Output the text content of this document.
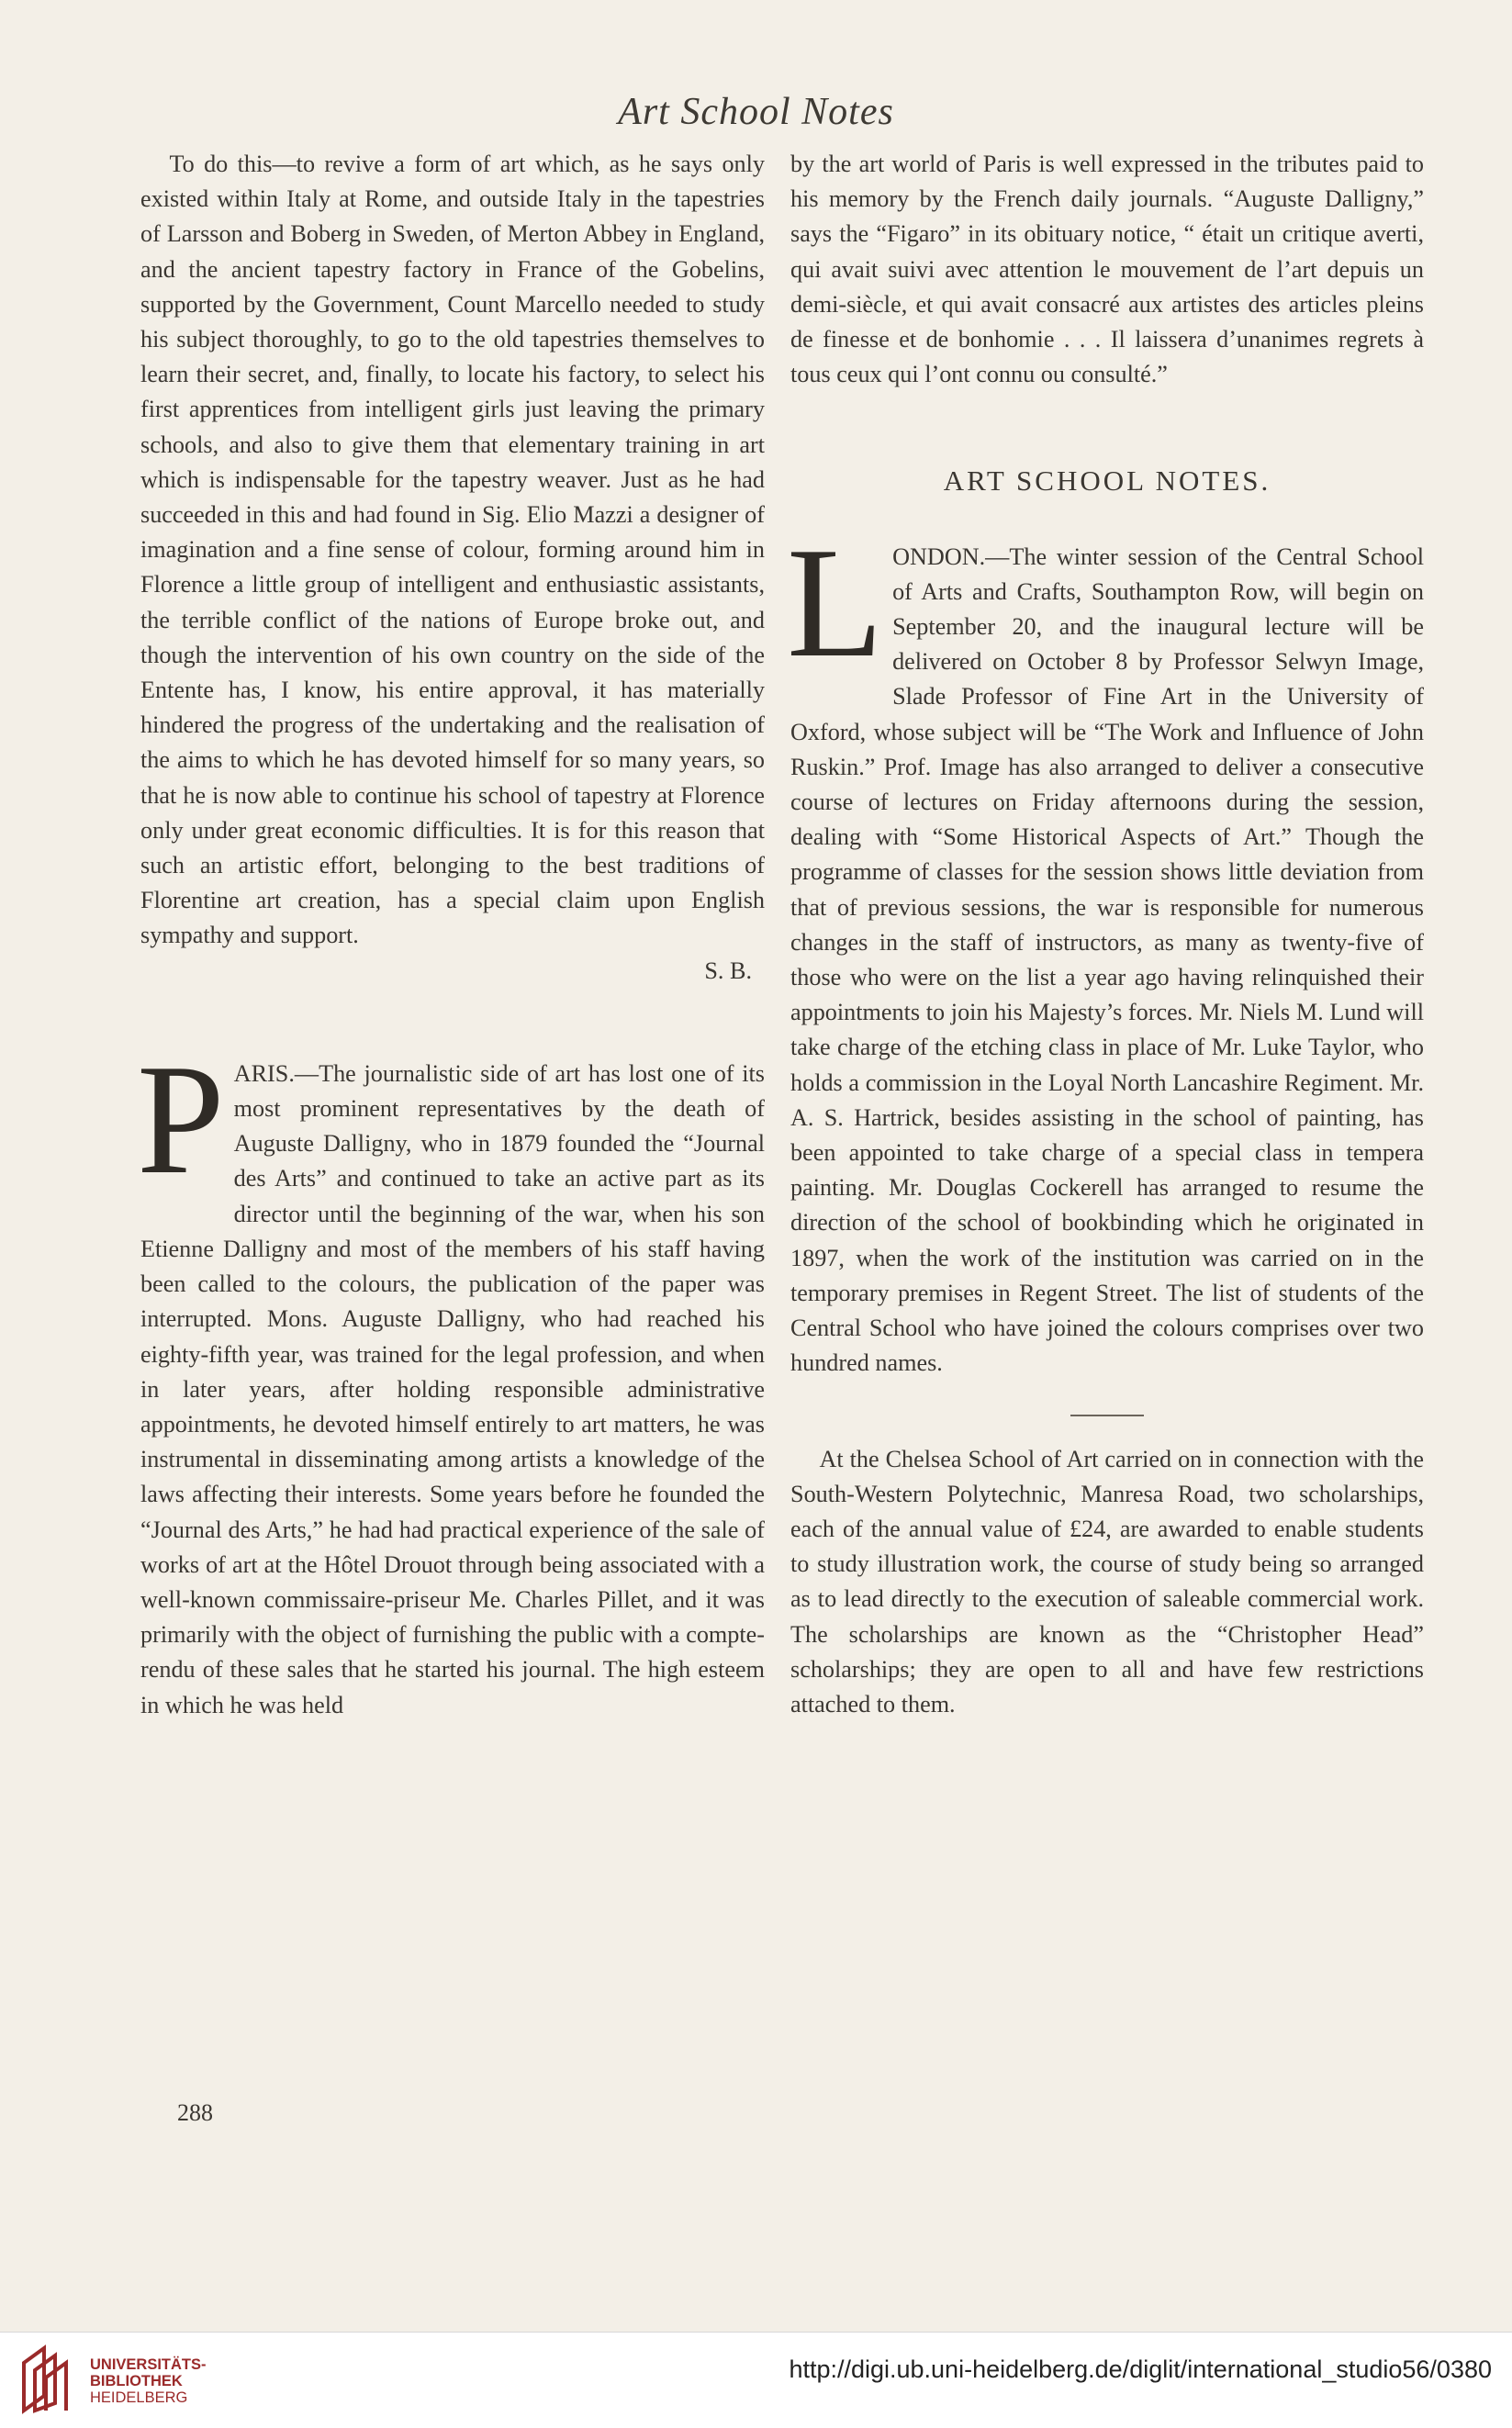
Art School Notes

To do this—to revive a form of art which, as he says only existed within Italy at Rome, and outside Italy in the tapestries of Larsson and Boberg in Sweden, of Merton Abbey in England, and the ancient tapestry factory in France of the Gobelins, supported by the Government, Count Marcello needed to study his subject thoroughly, to go to the old tapestries themselves to learn their secret, and, finally, to locate his factory, to select his first apprentices from intelligent girls just leaving the primary schools, and also to give them that elementary training in art which is indispensable for the tapestry weaver. Just as he had succeeded in this and had found in Sig. Elio Mazzi a designer of imagination and a fine sense of colour, forming around him in Florence a little group of intelligent and enthusiastic assistants, the terrible conflict of the nations of Europe broke out, and though the intervention of his own country on the side of the Entente has, I know, his entire approval, it has materially hindered the progress of the undertaking and the realisation of the aims to which he has devoted himself for so many years, so that he is now able to continue his school of tapestry at Florence only under great economic difficulties. It is for this reason that such an artistic effort, belonging to the best traditions of Florentine art creation, has a special claim upon English sympathy and support.

S. B.

PARIS.—The journalistic side of art has lost one of its most prominent representatives by the death of Auguste Dalligny, who in 1879 founded the “Journal des Arts” and continued to take an active part as its director until the beginning of the war, when his son Etienne Dalligny and most of the members of his staff having been called to the colours, the publication of the paper was interrupted. Mons. Auguste Dalligny, who had reached his eighty-fifth year, was trained for the legal profession, and when in later years, after holding responsible administrative appointments, he devoted himself entirely to art matters, he was instrumental in disseminating among artists a knowledge of the laws affecting their interests. Some years before he founded the “Journal des Arts,” he had had practical experience of the sale of works of art at the Hôtel Drouot through being associated with a well-known commissaire-priseur Me. Charles Pillet, and it was primarily with the object of furnishing the public with a compte-rendu of these sales that he started his journal. The high esteem in which he was held

by the art world of Paris is well expressed in the tributes paid to his memory by the French daily journals. “Auguste Dalligny,” says the “Figaro” in its obituary notice, “ était un critique averti, qui avait suivi avec attention le mouvement de l’art depuis un demi-siècle, et qui avait consacré aux artistes des articles pleins de finesse et de bonhomie . . . Il laissera d’unanimes regrets à tous ceux qui l’ont connu ou consulté.”

ART SCHOOL NOTES.

LONDON.—The winter session of the Central School of Arts and Crafts, Southampton Row, will begin on September 20, and the inaugural lecture will be delivered on October 8 by Professor Selwyn Image, Slade Professor of Fine Art in the University of Oxford, whose subject will be “The Work and Influence of John Ruskin.” Prof. Image has also arranged to deliver a consecutive course of lectures on Friday afternoons during the session, dealing with “Some Historical Aspects of Art.” Though the programme of classes for the session shows little deviation from that of previous sessions, the war is responsible for numerous changes in the staff of instructors, as many as twenty-five of those who were on the list a year ago having relinquished their appointments to join his Majesty’s forces. Mr. Niels M. Lund will take charge of the etching class in place of Mr. Luke Taylor, who holds a commission in the Loyal North Lancashire Regiment. Mr. A. S. Hartrick, besides assisting in the school of painting, has been appointed to take charge of a special class in tempera painting. Mr. Douglas Cockerell has arranged to resume the direction of the school of bookbinding which he originated in 1897, when the work of the institution was carried on in the temporary premises in Regent Street. The list of students of the Central School who have joined the colours comprises over two hundred names.

At the Chelsea School of Art carried on in connection with the South-Western Polytechnic, Manresa Road, two scholarships, each of the annual value of £24, are awarded to enable students to study illustration work, the course of study being so arranged as to lead directly to the execution of saleable commercial work. The scholarships are known as the “Christopher Head” scholarships; they are open to all and have few restrictions attached to them.

288
UNIVERSITÄTS-
BIBLIOTHEK
HEIDELBERG
http://digi.ub.uni-heidelberg.de/diglit/international_studio56/0380
